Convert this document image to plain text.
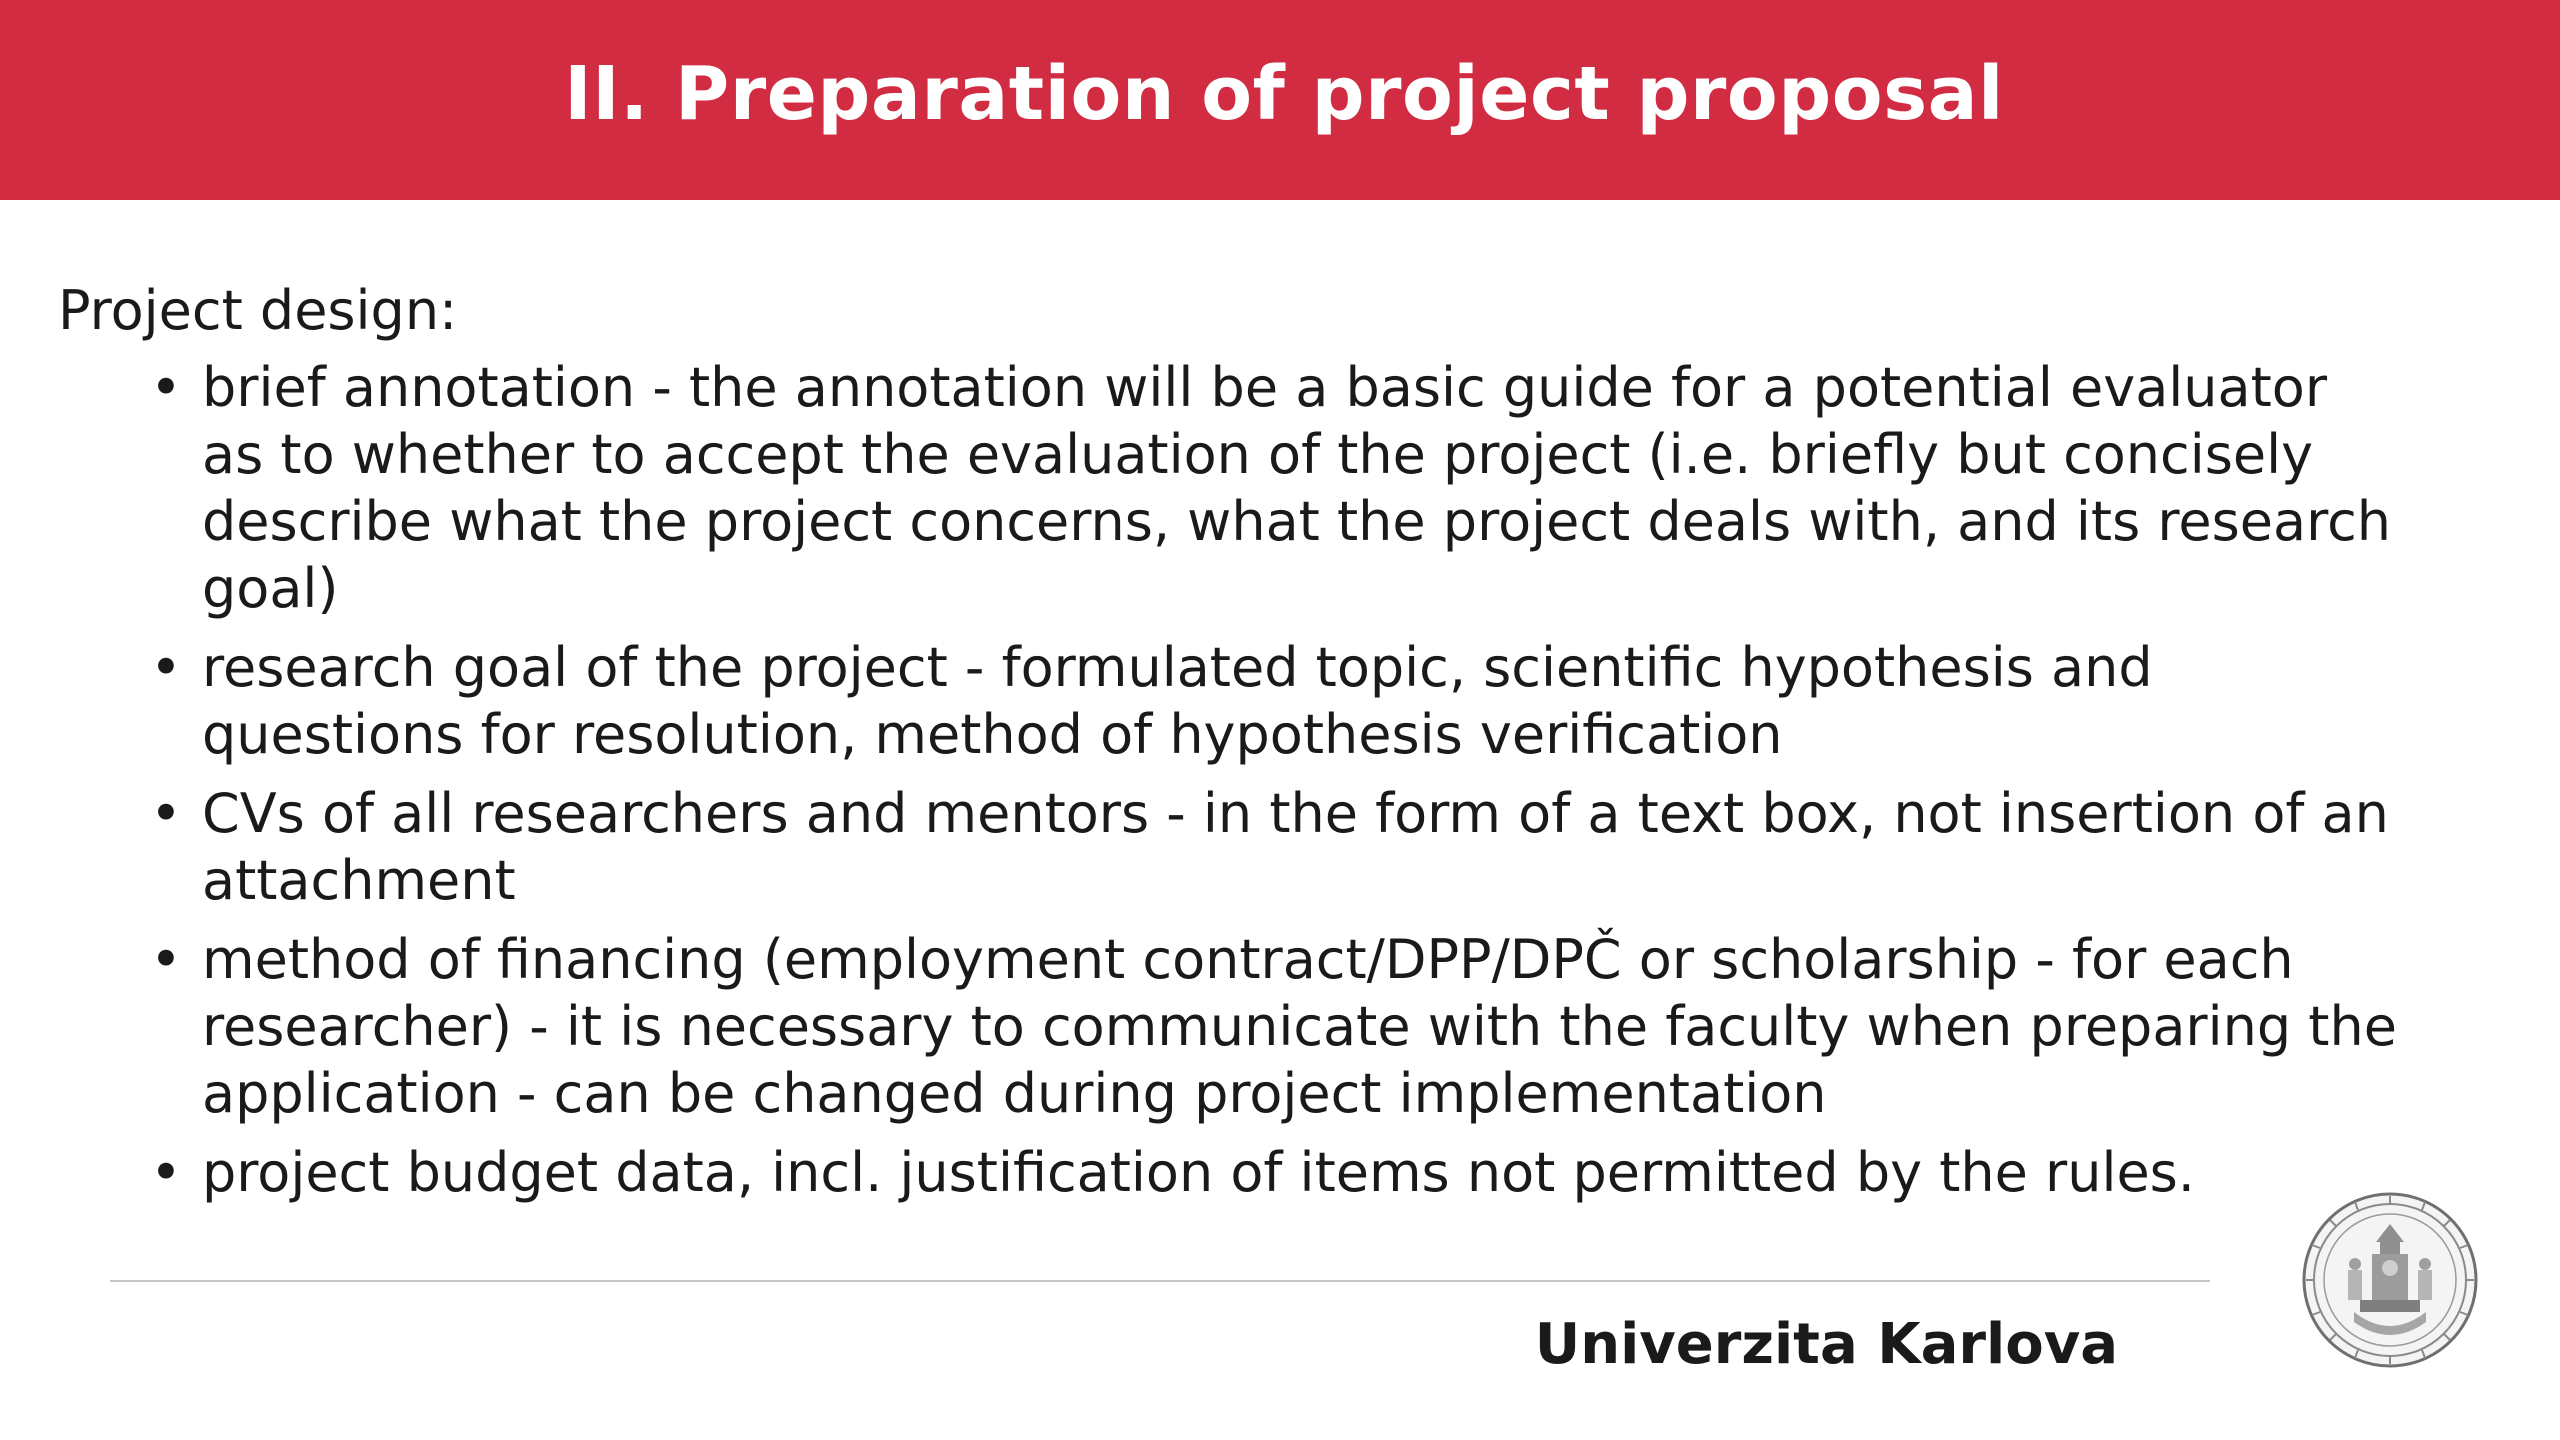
II. Preparation of project proposal

Project design:

• brief annotation - the annotation will be a basic guide for a potential evaluator as to whether to accept the evaluation of the project (i.e. briefly but concisely describe what the project concerns, what the project deals with, and its research goal)
• research goal of the project - formulated topic, scientific hypothesis and questions for resolution, method of hypothesis verification
• CVs of all researchers and mentors - in the form of a text box, not insertion of an attachment
• method of financing (employment contract/DPP/DPČ or scholarship - for each researcher) - it is necessary to communicate with the faculty when preparing the application - can be changed during project implementation
• project budget data, incl. justification of items not permitted by the rules.
Univerzita Karlova
